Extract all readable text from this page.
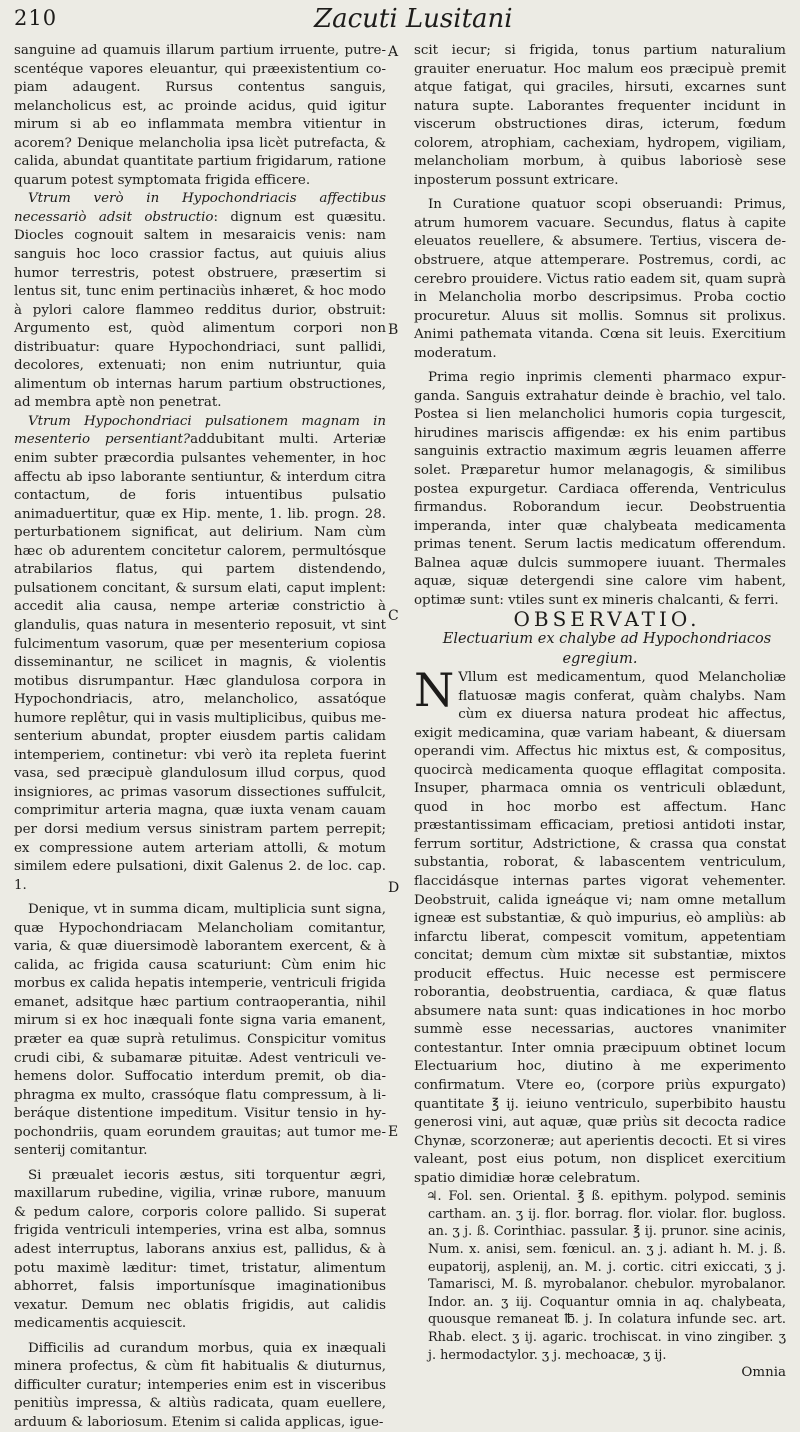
210	Zacuti Lusitani
A
B
C
D
E

sanguine ad quamuis illarum partium irruente, putrescentéque vapores eleuantur, qui præexistentium copiam adaugent. Rursus contentus sanguis, melancholicus est, ac proinde acidus, quid igitur mirum si ab eo inflammata membra vitientur in acorem? Denique melancholia ipsa licèt putrefacta, & calida, abundat quantitate partium frigidarum, ratione quarum potest symptomata frigida efficere.

Vtrum verò in Hypochondriacis affectibus necessariò adsit obstructio: dignum est quæsitu. Diocles cognouit saltem in mesaraicis venis: nam sanguis hoc loco crassior factus, aut quiuis alius humor terrestris, potest obstruere, præsertim si lentus sit, tunc enim pertinaciùs inhæret, & hoc modo à pylori calore flammeo redditus durior, obstruit: Argumento est, quòd alimentum corpori non distribuatur: quare Hypochondriaci, sunt pallidi, decolores, extenuati; non enim nutriuntur, quia alimentum ob internas harum partium obstructiones, ad membra aptè non penetrat.

Vtrum Hypochondriaci pulsationem magnam in mesenterio persentiant?addubitant multi. Arteriæ enim subter præcordia pulsantes vehementer, in hoc affectu ab ipso laborante sentiuntur, & interdum citra contactum, de foris intuentibus pulsatio animaduertitur, quæ ex Hip. mente, 1. lib. progn. 28. perturbationem significat, aut delirium. Nam cùm hæc ob adurentem concitetur calorem, permultósque atrabilarios flatus, qui partem distendendo, pulsationem concitant, & sursum elati, caput implent: accedit alia causa, nempe arteriæ constrictio à glandulis, quas natura in mesenterio reposuit, vt sint fulcimentum vasorum, quæ per mesenterium copiosa disseminantur, ne scilicet in magnis, & violentis motibus disrumpantur. Hæc glandulosa corpora in Hypochondriacis, atro, melancholico, assatóque humore replêtur, qui in vasis multiplicibus, quibus mesenterium abundat, propter eiusdem partis calidam intemperiem, continetur: vbi verò ita repleta fuerint vasa, sed præcipuè glandulosum illud corpus, quod insigniores, ac primas vasorum dissectiones suffulcit, comprimitur arteria magna, quæ iuxta venam cauam per dorsi medium versus sinistram partem perrepit; ex compressione autem arteriam attolli, & motum similem edere pulsationi, dixit Galenus 2. de loc. cap. 1.

Denique, vt in summa dicam, multiplicia sunt signa, quæ Hypochondriacam Melancholiam comitantur, varia, & quæ diuersimodè laborantem exercent, & à calida, ac frigida causa scaturiunt: Cùm enim hic morbus ex calida hepatis intemperie, ventriculi frigida emanet, adsitque hæc partium contraoperantia, nihil mirum si ex hoc inæquali fonte signa varia emanent, præter ea quæ suprà retulimus. Conspicitur vomitus crudi cibi, & subamaræ pituitæ. Adest ventriculi vehemens dolor. Suffocatio interdum premit, ob diaphragma ex multo, crassóque flatu compressum, à liberáque distentione impeditum. Visitur tensio in hypochondriis, quam eorundem grauitas; aut tumor mesenterij comitantur.

Si præualet iecoris æstus, siti torquentur ægri, maxillarum rubedine, vigilia, vrinæ rubore, manuum & pedum calore, corporis colore pallido. Si superat frigida ventriculi intemperies, vrina est alba, somnus adest interruptus, laborans anxius est, pallidus, & à potu maximè læditur: timet, tristatur, alimentum abhorret, falsis importunísque imaginationibus vexatur. Demum nec oblatis frigidis, aut calidis medicamentis acquiescit.

Difficilis ad curandum morbus, quia ex inæquali minera profectus, & cùm fit habitualis & diuturnus, difficulter curatur; intemperies enim est in visceribus penitiùs impressa, & altiùs radicata, quam euellere, arduum & laboriosum. Etenim si calida applicas, igue-

scit iecur; si frigida, tonus partium naturalium grauiter eneruatur. Hoc malum eos præcipuè premit atque fatigat, qui graciles, hirsuti, excarnes sunt natura supte. Laborantes frequenter incidunt in viscerum obstructiones diras, icterum, fœdum colorem, atrophiam, cachexiam, hydropem, vigiliam, melancholiam morbum, à quibus laboriosè sese inposterum possunt extricare.

In Curatione quatuor scopi obseruandi: Primus, atrum humorem vacuare. Secundus, flatus à capite eleuatos reuellere, & absumere. Tertius, viscera deobstruere, atque attemperare. Postremus, cordi, ac cerebro prouidere. Victus ratio eadem sit, quam suprà in Melancholia morbo descripsimus. Proba coctio procuretur. Aluus sit mollis. Somnus sit prolixus. Animi pathemata vitanda. Cœna sit leuis. Exercitium moderatum.

Prima regio inprimis clementi pharmaco expurganda. Sanguis extrahatur deinde è brachio, vel talo. Postea si lien melancholici humoris copia turgescit, hirudines mariscis affigendæ: ex his enim partibus sanguinis extractio maximum ægris leuamen afferre solet. Præparetur humor melanagogis, & similibus postea expurgetur. Cardiaca offerenda, Ventriculus firmandus. Roborandum iecur. Deobstruentia imperanda, inter quæ chalybeata medicamenta primas tenent. Serum lactis medicatum offerendum. Balnea aquæ dulcis summopere iuuant. Thermales aquæ, siquæ detergendi sine calore vim habent, optimæ sunt: vtiles sunt ex mineris chalcanti, & ferri.

OBSERVATIO.

Electuarium ex chalybe ad Hypochondriacos egregium.

N Vllum est medicamentum, quod Melancholiæ flatuosæ magis conferat, quàm chalybs. Nam cùm ex diuersa natura prodeat hic affectus, exigit medicamina, quæ variam habeant, & diuersam operandi vim. Affectus hic mixtus est, & compositus, quocircà medicamenta quoque efflagitat composita. Insuper, pharmaca omnia os ventriculi oblædunt, quod in hoc morbo est affectum. Hanc præstantissimam efficaciam, pretiosi antidoti instar, ferrum sortitur, Adstrictione, & crassa qua constat substantia, roborat, & labascentem ventriculum, flaccidásque internas partes vigorat vehementer. Deobstruit, calida igneáque vi; nam omne metallum igneæ est substantiæ, & quò impurius, eò ampliùs: ab infarctu liberat, compescit vomitum, appetentiam concitat; demum cùm mixtæ sit substantiæ, mixtos producit effectus. Huic necesse est permiscere roborantia, deobstruentia, cardiaca, & quæ flatus absumere nata sunt: quas indicationes in hoc morbo summè esse necessarias, auctores vnanimiter contestantur. Inter omnia præcipuum obtinet locum Electuarium hoc, diutino à me experimento confirmatum. Vtere eo, (corpore priùs expurgato) quantitate ℥ ij. ieiuno ventriculo, superbibito haustu generosi vini, aut aquæ, quæ priùs sit decocta radice Chynæ, scorzoneræ; aut aperientis decocti. Et si vires valeant, post eius potum, non displicet exercitium spatio dimidiæ horæ celebratum.

♃. Fol. sen. Oriental. ℥ ß. epithym. polypod. seminis cartham. an. ʒ ij. flor. borrag. flor. violar. flor. bugloss. an. ʒ j. ß. Corinthiac. passular. ℥ ij. prunor. sine acinis, Num. x. anisi, sem. fœnicul. an. ʒ j. adiant h. M. j. ß. eupatorij, asplenij, an. M. j. cortic. citri exiccati, ʒ j. Tamarisci, M. ß. myrobalanor. chebulor. myrobalanor. Indor. an. ʒ iij. Coquantur omnia in aq. chalybeata, quousque remaneat ℔. j. In colatura infunde sec. art. Rhab. elect. ʒ ij. agaric. trochiscat. in vino zingiber. ʒ j. hermodactylor. ʒ j. mechoacæ, ʒ ij.

Omnia
